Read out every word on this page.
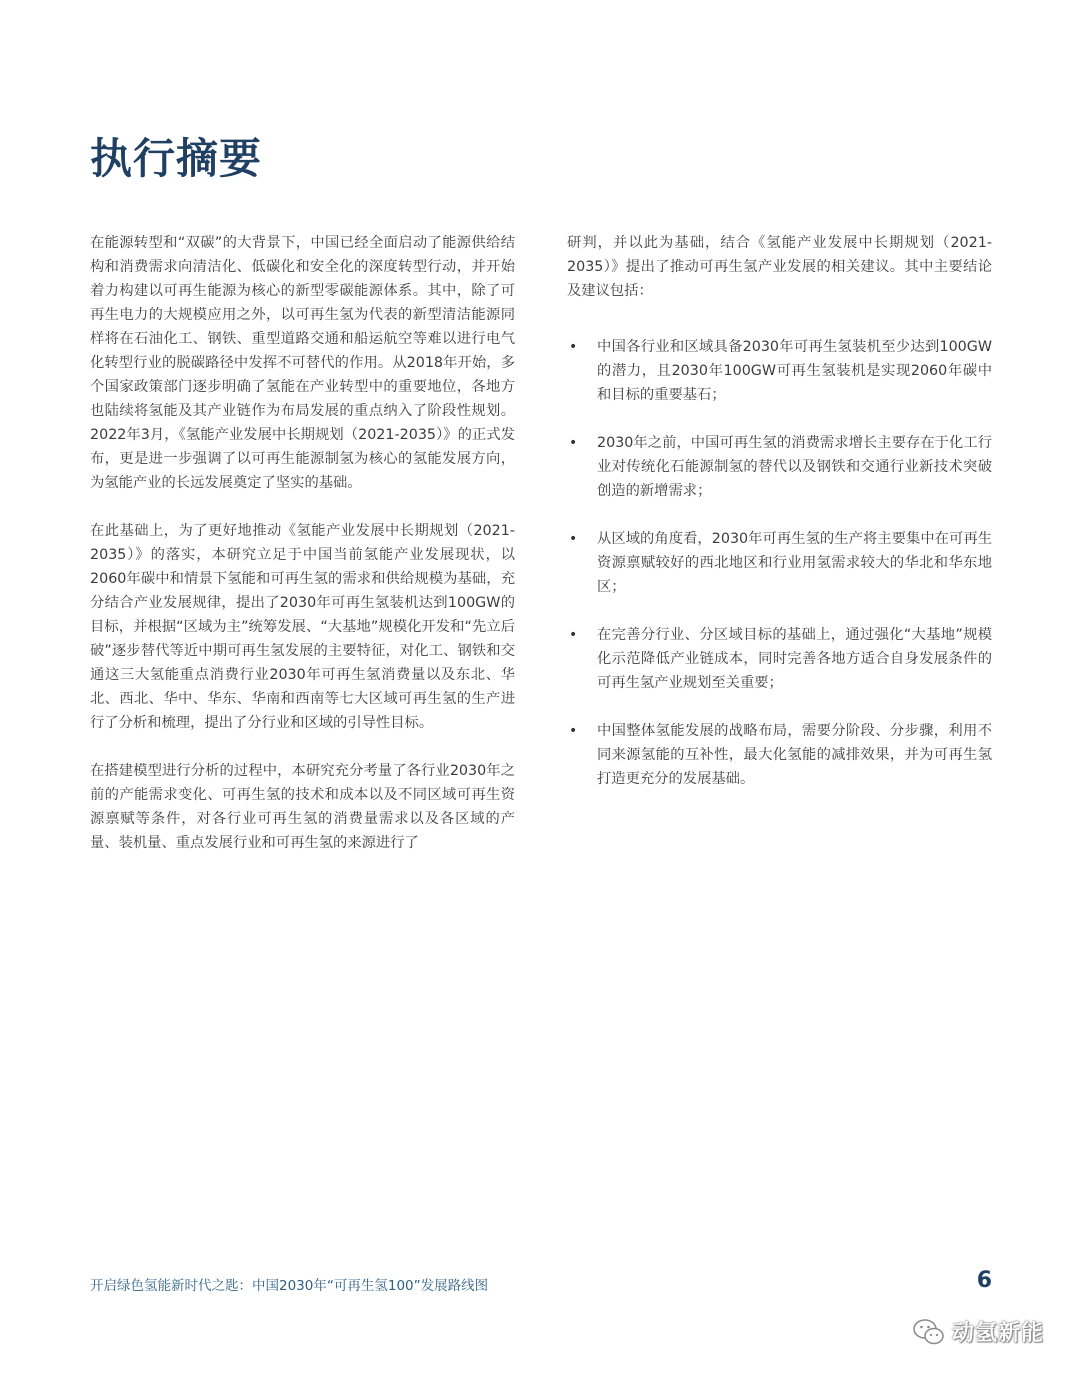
执行摘要

在能源转型和“双碳”的大背景下，中国已经全面启动了能源供给结构和消费需求向清洁化、低碳化和安全化的深度转型行动，并开始着力构建以可再生能源为核心的新型零碳能源体系。其中，除了可再生电力的大规模应用之外，以可再生氢为代表的新型清洁能源同样将在石油化工、钢铁、重型道路交通和船运航空等难以进行电气化转型行业的脱碳路径中发挥不可替代的作用。从2018年开始，多个国家政策部门逐步明确了氢能在产业转型中的重要地位，各地方也陆续将氢能及其产业链作为布局发展的重点纳入了阶段性规划。2022年3月，《氢能产业发展中长期规划（2021-2035）》的正式发布，更是进一步强调了以可再生能源制氢为核心的氢能发展方向，为氢能产业的长远发展奠定了坚实的基础。

在此基础上，为了更好地推动《氢能产业发展中长期规划（2021-2035）》的落实，本研究立足于中国当前氢能产业发展现状，以2060年碳中和情景下氢能和可再生氢的需求和供给规模为基础，充分结合产业发展规律，提出了2030年可再生氢装机达到100GW的目标，并根据“区域为主”统筹发展、“大基地”规模化开发和“先立后破”逐步替代等近中期可再生氢发展的主要特征，对化工、钢铁和交通这三大氢能重点消费行业2030年可再生氢消费量以及东北、华北、西北、华中、华东、华南和西南等七大区域可再生氢的生产进行了分析和梳理，提出了分行业和区域的引导性目标。

在搭建模型进行分析的过程中，本研究充分考量了各行业2030年之前的产能需求变化、可再生氢的技术和成本以及不同区域可再生资源禀赋等条件，对各行业可再生氢的消费量需求以及各区域的产量、装机量、重点发展行业和可再生氢的来源进行了

研判，并以此为基础，结合《氢能产业发展中长期规划（2021-2035）》提出了推动可再生氢产业发展的相关建议。其中主要结论及建议包括：

• 中国各行业和区域具备2030年可再生氢装机至少达到100GW的潜力，且2030年100GW可再生氢装机是实现2060年碳中和目标的重要基石；
• 2030年之前，中国可再生氢的消费需求增长主要存在于化工行业对传统化石能源制氢的替代以及钢铁和交通行业新技术突破创造的新增需求；
• 从区域的角度看，2030年可再生氢的生产将主要集中在可再生资源禀赋较好的西北地区和行业用氢需求较大的华北和华东地区；
• 在完善分行业、分区域目标的基础上，通过强化“大基地”规模化示范降低产业链成本，同时完善各地方适合自身发展条件的可再生氢产业规划至关重要；
• 中国整体氢能发展的战略布局，需要分阶段、分步骤，利用不同来源氢能的互补性，最大化氢能的减排效果，并为可再生氢打造更充分的发展基础。
开启绿色氢能新时代之匙：中国2030年“可再生氢100”发展路线图	6
动氢新能
